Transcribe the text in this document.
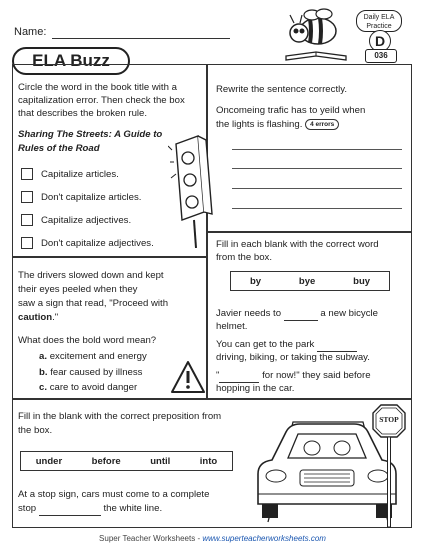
Name:
ELA Buzz
Daily ELA
Practice
D
036
Circle the word in the book title with a capitalization error. Then check the box that describes the broken rule.
Sharing The Streets: A Guide to
Rules of the Road
Capitalize articles.
Don't capitalize articles.
Capitalize adjectives.
Don't capitalize adjectives.
Rewrite the sentence correctly.
Oncomeing trafic has to yeild when
the lights is flashing. 4 errors
The drivers slowed down and kept
their eyes peeled when they
saw a sign that read, "Proceed with
caution."
What does the bold word mean?
a. excitement and energy
b. fear caused by illness
c. care to avoid danger
Fill in each blank with the correct word
from the box.
by	bye	buy
Javier needs to	a new bicycle
helmet.
You can get to the park
driving, biking, or taking the subway.
"	for now!" they said before
hopping in the car.
Fill in the blank with the correct preposition from
the box.
under	before	until	into
At a stop sign, cars must come to a complete
stop	the white line.
STOP
Super Teacher Worksheets - www.superteacherworksheets.com
